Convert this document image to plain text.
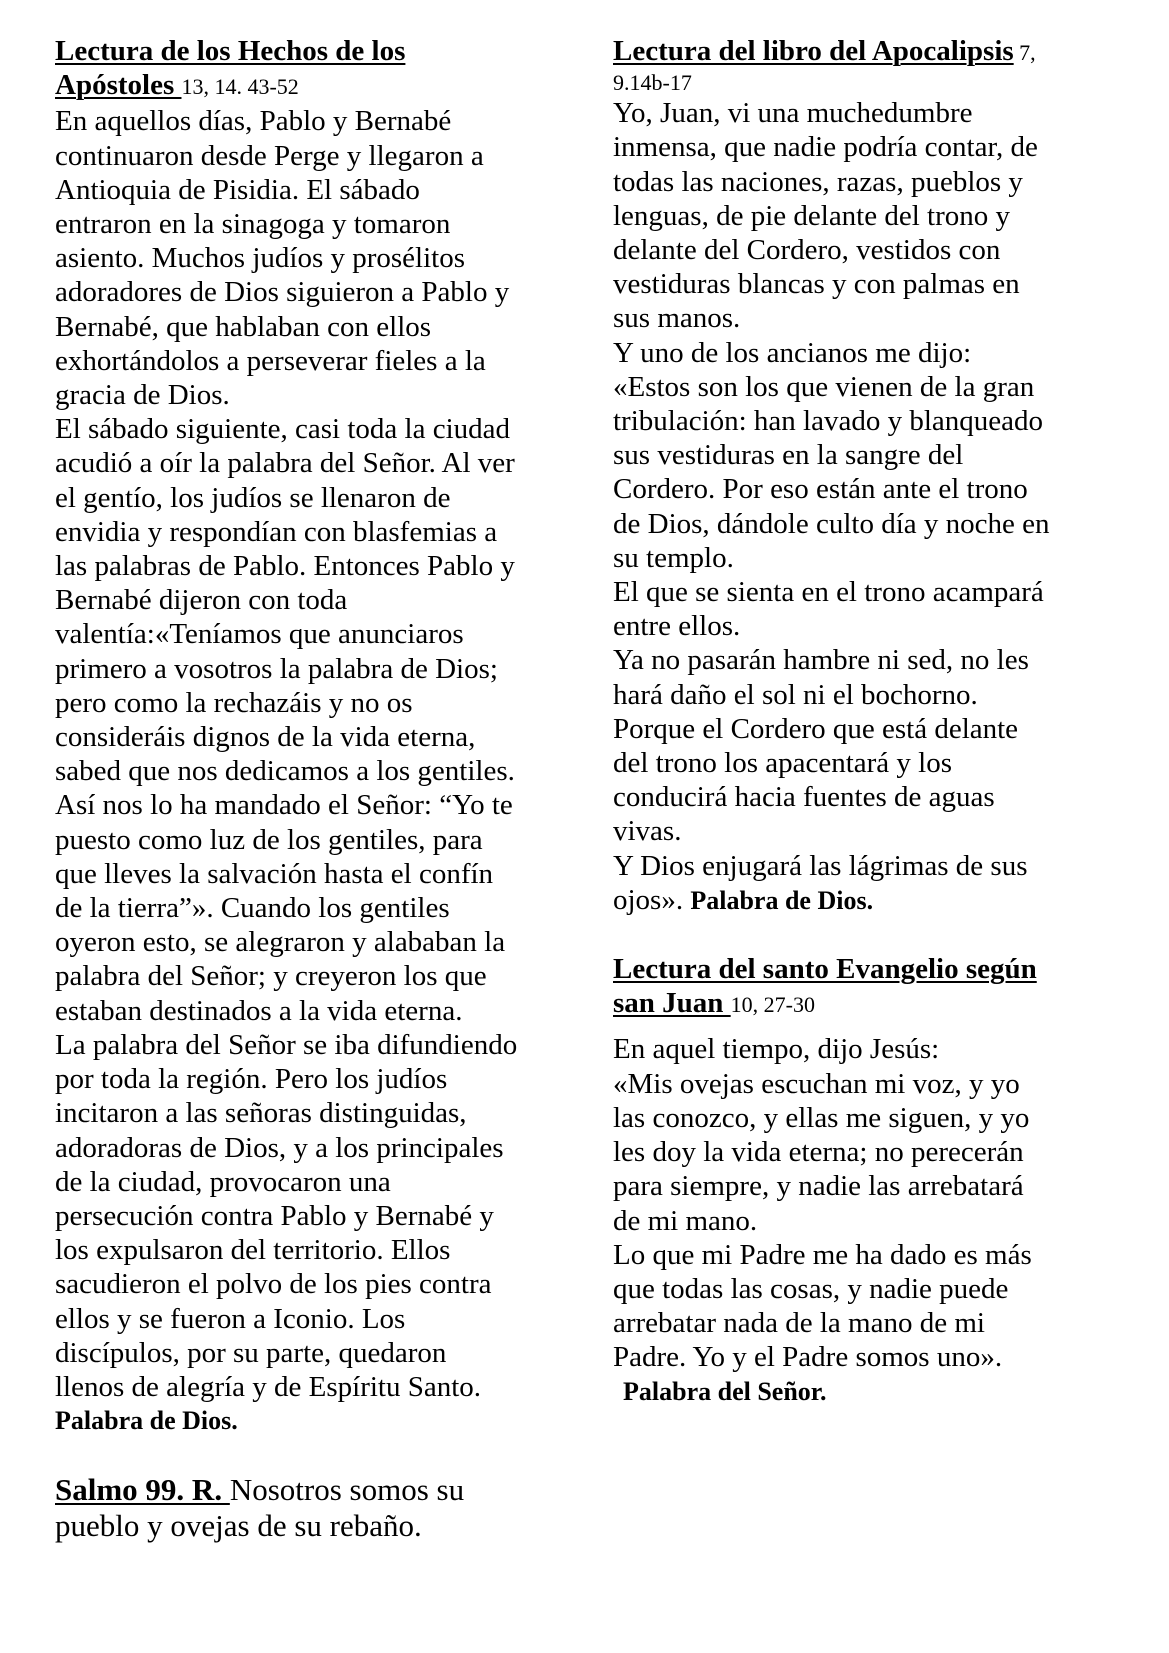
Lectura de los Hechos de los
Apóstoles 13, 14. 43-52
En aquellos días, Pablo y Bernabé
continuaron desde Perge y llegaron a
Antioquia de Pisidia. El sábado
entraron en la sinagoga y tomaron
asiento. Muchos judíos y prosélitos
adoradores de Dios siguieron a Pablo y
Bernabé, que hablaban con ellos
exhortándolos a perseverar fieles a la
gracia de Dios.
El sábado siguiente, casi toda la ciudad
acudió a oír la palabra del Señor. Al ver
el gentío, los judíos se llenaron de
envidia y respondían con blasfemias a
las palabras de Pablo. Entonces Pablo y
Bernabé dijeron con toda
valentía:«Teníamos que anunciaros
primero a vosotros la palabra de Dios;
pero como la rechazáis y no os
consideráis dignos de la vida eterna,
sabed que nos dedicamos a los gentiles.
Así nos lo ha mandado el Señor: “Yo te
puesto como luz de los gentiles, para
que lleves la salvación hasta el confín
de la tierra”». Cuando los gentiles
oyeron esto, se alegraron y alababan la
palabra del Señor; y creyeron los que
estaban destinados a la vida eterna.
La palabra del Señor se iba difundiendo
por toda la región. Pero los judíos
incitaron a las señoras distinguidas,
adoradoras de Dios, y a los principales
de la ciudad, provocaron una
persecución contra Pablo y Bernabé y
los expulsaron del territorio. Ellos
sacudieron el polvo de los pies contra
ellos y se fueron a Iconio. Los
discípulos, por su parte, quedaron
llenos de alegría y de Espíritu Santo.
Palabra de Dios.
Salmo 99. R. Nosotros somos su
pueblo y ovejas de su rebaño.
Lectura del libro del Apocalipsis 7,
9.14b-17
Yo, Juan, vi una muchedumbre
inmensa, que nadie podría contar, de
todas las naciones, razas, pueblos y
lenguas, de pie delante del trono y
delante del Cordero, vestidos con
vestiduras blancas y con palmas en
sus manos.
Y uno de los ancianos me dijo:
«Estos son los que vienen de la gran
tribulación: han lavado y blanqueado
sus vestiduras en la sangre del
Cordero. Por eso están ante el trono
de Dios, dándole culto día y noche en
su templo.
El que se sienta en el trono acampará
entre ellos.
Ya no pasarán hambre ni sed, no les
hará daño el sol ni el bochorno.
Porque el Cordero que está delante
del trono los apacentará y los
conducirá hacia fuentes de aguas
vivas.
Y Dios enjugará las lágrimas de sus
ojos». Palabra de Dios.
Lectura del santo Evangelio según
san Juan 10, 27-30
En aquel tiempo, dijo Jesús:
«Mis ovejas escuchan mi voz, y yo
las conozco, y ellas me siguen, y yo
les doy la vida eterna; no perecerán
para siempre, y nadie las arrebatará
de mi mano.
Lo que mi Padre me ha dado es más
que todas las cosas, y nadie puede
arrebatar nada de la mano de mi
Padre. Yo y el Padre somos uno».
Palabra del Señor.
